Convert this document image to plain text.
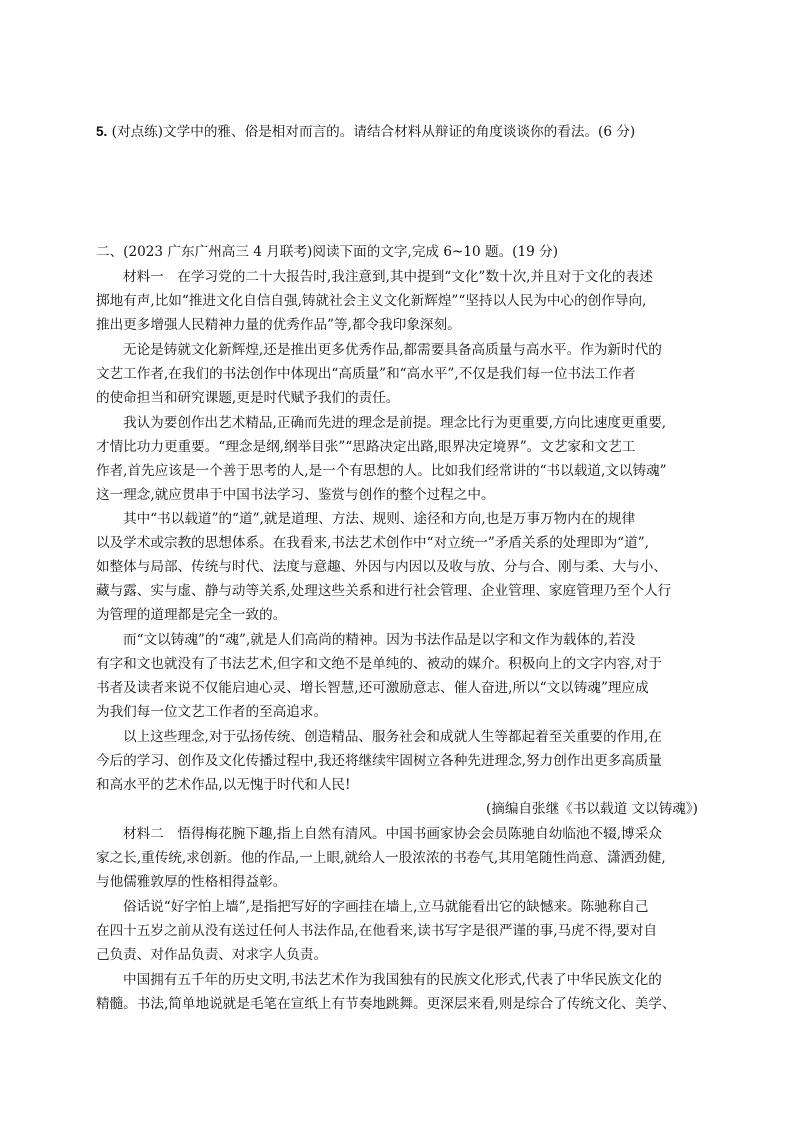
5. (对点练)文学中的雅、俗是相对而言的。请结合材料从辩证的角度谈谈你的看法。(6 分)
二、(2023 广东广州高三 4 月联考)阅读下面的文字,完成 6~10 题。(19 分)
材料一　在学习党的二十大报告时,我注意到,其中提到“文化”数十次,并且对于文化的表述
掷地有声,比如“推进文化自信自强,铸就社会主义文化新辉煌”“坚持以人民为中心的创作导向,
推出更多增强人民精神力量的优秀作品”等,都令我印象深刻。
无论是铸就文化新辉煌,还是推出更多优秀作品,都需要具备高质量与高水平。作为新时代的
文艺工作者,在我们的书法创作中体现出“高质量”和“高水平”,不仅是我们每一位书法工作者
的使命担当和研究课题,更是时代赋予我们的责任。
我认为要创作出艺术精品,正确而先进的理念是前提。理念比行为更重要,方向比速度更重要,
才情比功力更重要。“理念是纲,纲举目张”“思路决定出路,眼界决定境界”。文艺家和文艺工
作者,首先应该是一个善于思考的人,是一个有思想的人。比如我们经常讲的“书以载道,文以铸魂”
这一理念,就应贯串于中国书法学习、鉴赏与创作的整个过程之中。
其中“书以载道”的“道”,就是道理、方法、规则、途径和方向,也是万事万物内在的规律
以及学术或宗教的思想体系。在我看来,书法艺术创作中“对立统一”矛盾关系的处理即为“道”,
如整体与局部、传统与时代、法度与意趣、外因与内因以及收与放、分与合、刚与柔、大与小、
藏与露、实与虚、静与动等关系,处理这些关系和进行社会管理、企业管理、家庭管理乃至个人行
为管理的道理都是完全一致的。
而“文以铸魂”的“魂”,就是人们高尚的精神。因为书法作品是以字和文作为载体的,若没
有字和文也就没有了书法艺术,但字和文绝不是单纯的、被动的媒介。积极向上的文字内容,对于
书者及读者来说不仅能启迪心灵、增长智慧,还可激励意志、催人奋进,所以“文以铸魂”理应成
为我们每一位文艺工作者的至高追求。
以上这些理念,对于弘扬传统、创造精品、服务社会和成就人生等都起着至关重要的作用,在
今后的学习、创作及文化传播过程中,我还将继续牢固树立各种先进理念,努力创作出更多高质量
和高水平的艺术作品,以无愧于时代和人民!
(摘编自张继《书以载道 文以铸魂》)
材料二　悟得梅花腕下趣,指上自然有清风。中国书画家协会会员陈驰自幼临池不辍,博采众
家之长,重传统,求创新。他的作品,一上眼,就给人一股浓浓的书卷气,其用笔随性尚意、潇洒劲健,
与他儒雅敦厚的性格相得益彰。
俗话说“好字怕上墙”,是指把写好的字画挂在墙上,立马就能看出它的缺憾来。陈驰称自己
在四十五岁之前从没有送过任何人书法作品,在他看来,读书写字是很严谨的事,马虎不得,要对自
己负责、对作品负责、对求字人负责。
中国拥有五千年的历史文明,书法艺术作为我国独有的民族文化形式,代表了中华民族文化的
精髓。书法,简单地说就是毛笔在宣纸上有节奏地跳舞。更深层来看,则是综合了传统文化、美学、
